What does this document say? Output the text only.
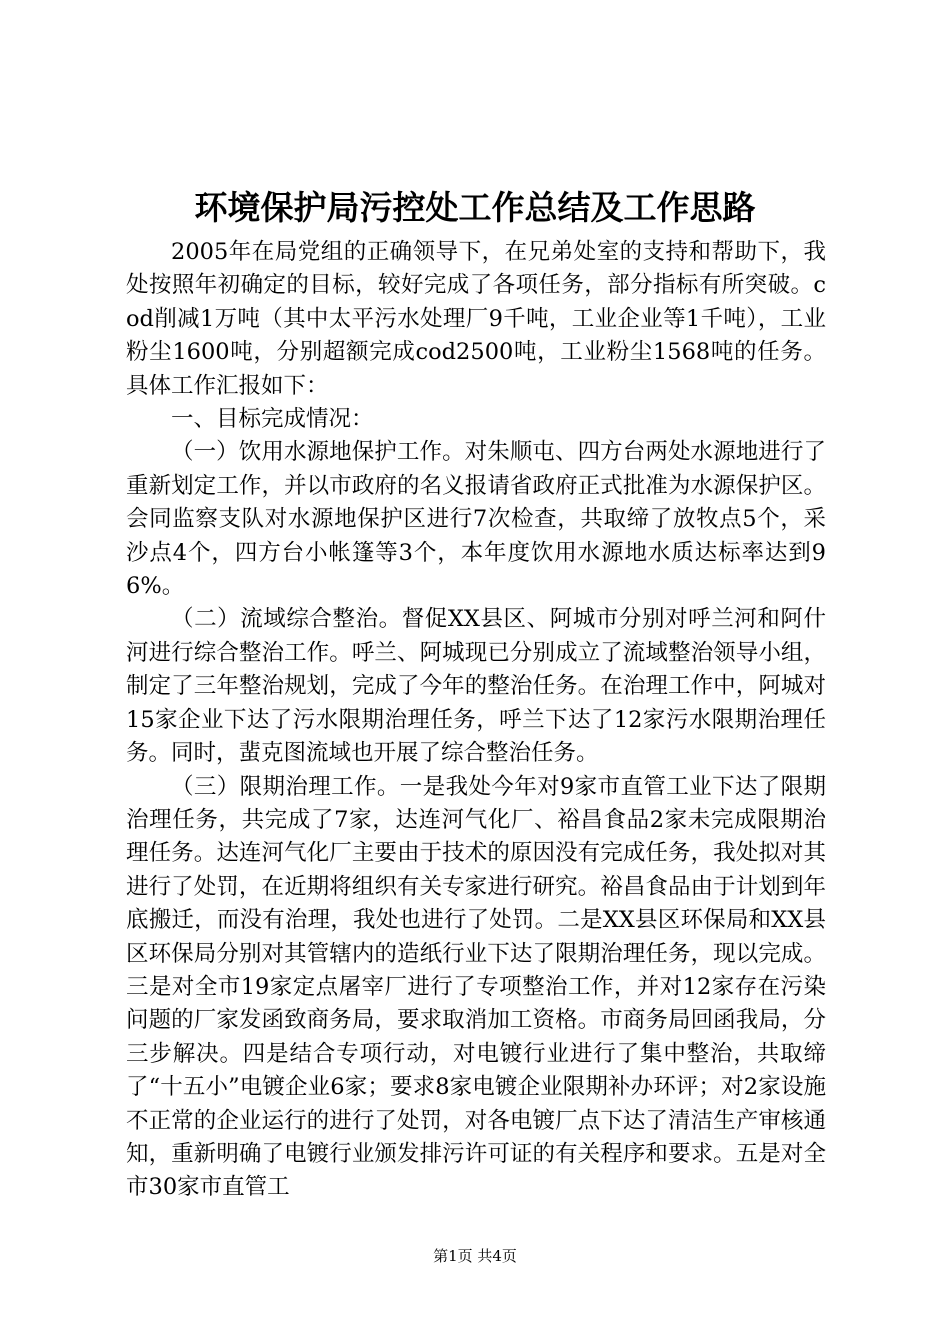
环境保护局污控处工作总结及工作思路

2005年在局党组的正确领导下，在兄弟处室的支持和帮助下，我处按照年初确定的目标，较好完成了各项任务，部分指标有所突破。cod削减1万吨（其中太平污水处理厂9千吨，工业企业等1千吨），工业粉尘1600吨，分别超额完成cod2500吨，工业粉尘1568吨的任务。具体工作汇报如下：

一、目标完成情况：

（一）饮用水源地保护工作。对朱顺屯、四方台两处水源地进行了重新划定工作，并以市政府的名义报请省政府正式批准为水源保护区。会同监察支队对水源地保护区进行7次检查，共取缔了放牧点5个，采沙点4个，四方台小帐篷等3个，本年度饮用水源地水质达标率达到96%。

（二）流域综合整治。督促XX县区、阿城市分别对呼兰河和阿什河进行综合整治工作。呼兰、阿城现已分别成立了流域整治领导小组，制定了三年整治规划，完成了今年的整治任务。在治理工作中，阿城对15家企业下达了污水限期治理任务，呼兰下达了12家污水限期治理任务。同时，蜚克图流域也开展了综合整治任务。

（三）限期治理工作。一是我处今年对9家市直管工业下达了限期治理任务，共完成了7家，达连河气化厂、裕昌食品2家未完成限期治理任务。达连河气化厂主要由于技术的原因没有完成任务，我处拟对其进行了处罚，在近期将组织有关专家进行研究。裕昌食品由于计划到年底搬迁，而没有治理，我处也进行了处罚。二是XX县区环保局和XX县区环保局分别对其管辖内的造纸行业下达了限期治理任务，现以完成。三是对全市19家定点屠宰厂进行了专项整治工作，并对12家存在污染问题的厂家发函致商务局，要求取消加工资格。市商务局回函我局，分三步解决。四是结合专项行动，对电镀行业进行了集中整治，共取缔了“十五小”电镀企业6家；要求8家电镀企业限期补办环评；对2家设施不正常的企业运行的进行了处罚，对各电镀厂点下达了清洁生产审核通知，重新明确了电镀行业颁发排污许可证的有关程序和要求。五是对全市30家市直管工

第1页 共4页
